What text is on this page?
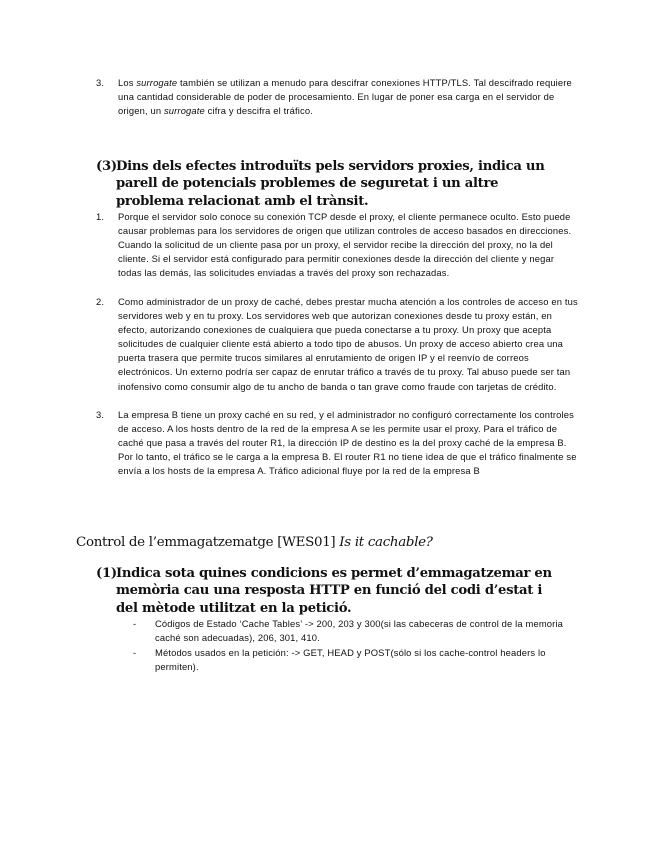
3.	Los surrogate también se utilizan a menudo para descifrar conexiones HTTP/TLS. Tal descifrado requiere una cantidad considerable de poder de procesamiento. En lugar de poner esa carga en el servidor de origen, un surrogate cifra y descifra el tráfico.
(3) Dins dels efectes introduïts pels servidors proxies, indica un parell de potencials problemes de seguretat i un altre problema relacionat amb el trànsit.
1.	Porque el servidor solo conoce su conexión TCP desde el proxy, el cliente permanece oculto. Esto puede causar problemas para los servidores de origen que utilizan controles de acceso basados en direcciones. Cuando la solicitud de un cliente pasa por un proxy, el servidor recibe la dirección del proxy, no la del cliente. Si el servidor está configurado para permitir conexiones desde la dirección del cliente y negar todas las demás, las solicitudes enviadas a través del proxy son rechazadas.
2.	Como administrador de un proxy de caché, debes prestar mucha atención a los controles de acceso en tus servidores web y en tu proxy. Los servidores web que autorizan conexiones desde tu proxy están, en efecto, autorizando conexiones de cualquiera que pueda conectarse a tu proxy. Un proxy que acepta solicitudes de cualquier cliente está abierto a todo tipo de abusos. Un proxy de acceso abierto crea una puerta trasera que permite trucos similares al enrutamiento de origen IP y el reenvío de correos electrónicos. Un externo podría ser capaz de enrutar tráfico a través de tu proxy. Tal abuso puede ser tan inofensivo como consumir algo de tu ancho de banda o tan grave como fraude con tarjetas de crédito.
3.	La empresa B tiene un proxy caché en su red, y el administrador no configuró correctamente los controles de acceso. A los hosts dentro de la red de la empresa A se les permite usar el proxy. Para el tráfico de caché que pasa a través del router R1, la dirección IP de destino es la del proxy caché de la empresa B. Por lo tanto, el tráfico se le carga a la empresa B. El router R1 no tiene idea de que el tráfico finalmente se envía a los hosts de la empresa A. Tráfico adicional fluye por la red de la empresa B
Control de l’emmagatzematge [WES01] Is it cachable?
(1) Indica sota quines condicions es permet d’emmagatzemar en memòria cau una resposta HTTP en funció del codi d’estat i del mètode utilitzat en la petició.
-	Códigos de Estado ‘Cache Tables’ -> 200, 203 y 300(si las cabeceras de control de la memoria caché son adecuadas), 206, 301, 410.
-	Métodos usados en la petición: -> GET, HEAD y POST(sólo si los cache-control headers lo permiten).
